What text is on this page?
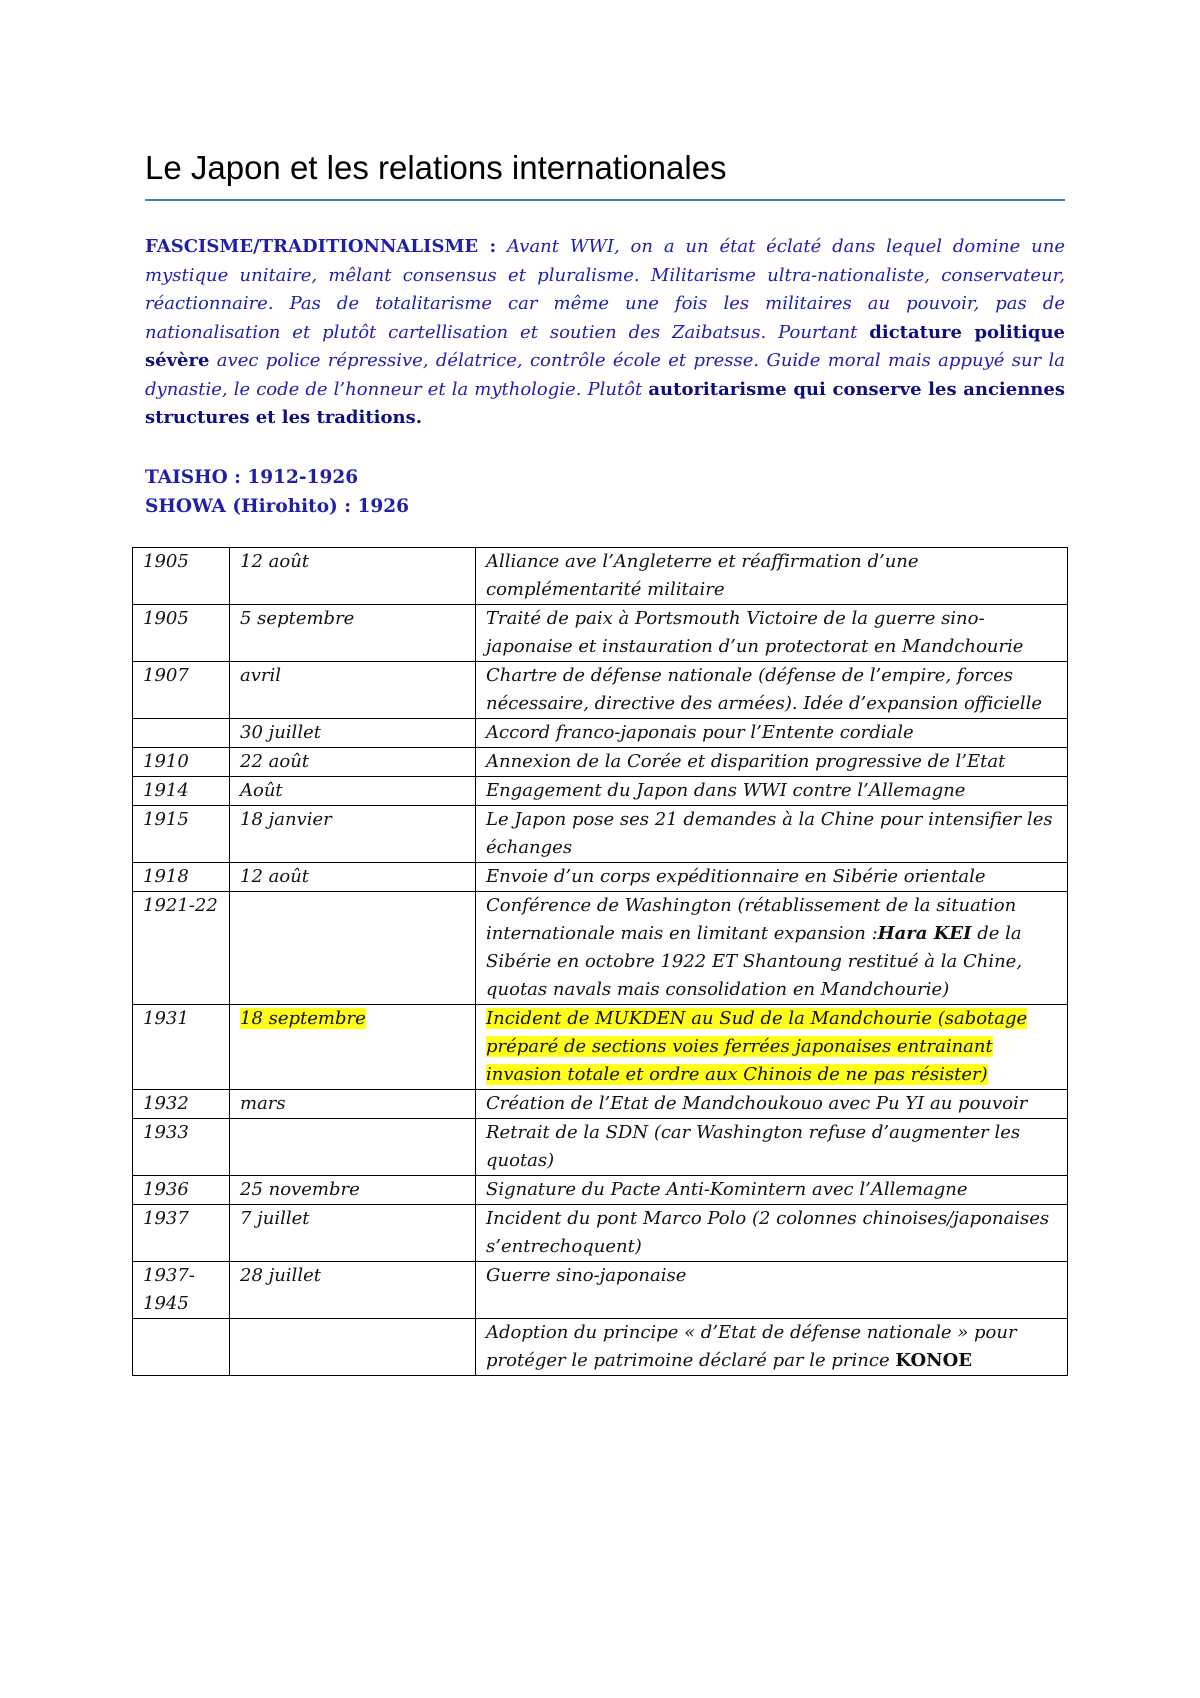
Le Japon et les relations internationales

FASCISME/TRADITIONNALISME : Avant WWI, on a un état éclaté dans lequel domine une mystique unitaire, mêlant consensus et pluralisme. Militarisme ultra-nationaliste, conservateur, réactionnaire. Pas de totalitarisme car même une fois les militaires au pouvoir, pas de nationalisation et plutôt cartellisation et soutien des Zaibatsus. Pourtant dictature politique sévère avec police répressive, délatrice, contrôle école et presse. Guide moral mais appuyé sur la dynastie, le code de l’honneur et la mythologie. Plutôt autoritarisme qui conserve les anciennes structures et les traditions.

TAISHO : 1912-1926
SHOWA (Hirohito) : 1926
1905	12 août	Alliance ave l’Angleterre et réaffirmation d’une complémentarité militaire
1905	5 septembre	Traité de paix à Portsmouth Victoire de la guerre sino-japonaise et instauration d’un protectorat en Mandchourie
1907	avril	Chartre de défense nationale (défense de l’empire, forces nécessaire, directive des armées). Idée d’expansion officielle
	30 juillet	Accord franco-japonais pour l’Entente cordiale
1910	22 août	Annexion de la Corée et disparition progressive de l’Etat
1914	Août	Engagement du Japon dans WWI contre l’Allemagne
1915	18 janvier	Le Japon pose ses 21 demandes à la Chine pour intensifier les échanges
1918	12 août	Envoie d’un corps expéditionnaire en Sibérie orientale
1921-22		Conférence de Washington (rétablissement de la situation internationale mais en limitant expansion :Hara KEI de la Sibérie en octobre 1922 ET Shantoung restitué à la Chine, quotas navals mais consolidation en Mandchourie)
1931	18 septembre	Incident de MUKDEN au Sud de la Mandchourie (sabotage préparé de sections voies ferrées japonaises entrainant invasion totale et ordre aux Chinois de ne pas résister)
1932	mars	Création de l’Etat de Mandchoukouo avec Pu YI au pouvoir
1933		Retrait de la SDN (car Washington refuse d’augmenter les quotas)
1936	25 novembre	Signature du Pacte Anti-Komintern avec l’Allemagne
1937	7 juillet	Incident du pont Marco Polo (2 colonnes chinoises/japonaises s’entrechoquent)
1937-1945	28 juillet	Guerre sino-japonaise
		Adoption du principe « d’Etat de défense nationale » pour protéger le patrimoine déclaré par le prince KONOE
